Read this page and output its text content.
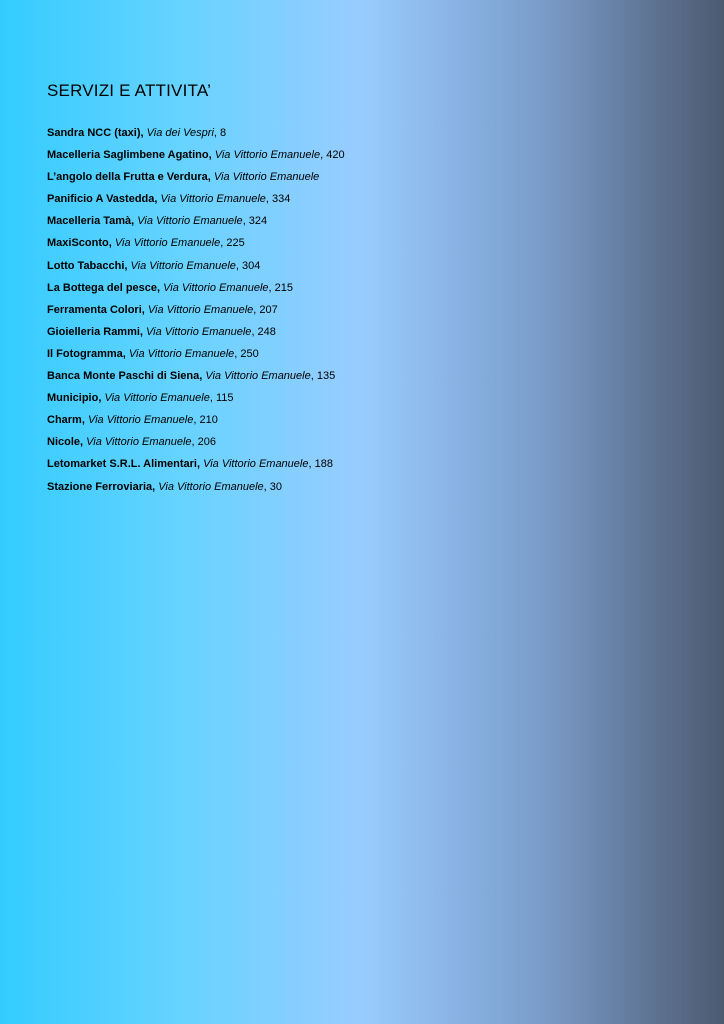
SERVIZI E ATTIVITA’
Sandra NCC (taxi), Via dei Vespri, 8
Macelleria Saglimbene Agatino, Via Vittorio Emanuele, 420
L’angolo della Frutta e Verdura, Via Vittorio Emanuele
Panificio A Vastedda, Via Vittorio Emanuele, 334
Macelleria Tamà, Via Vittorio Emanuele, 324
MaxiSconto, Via Vittorio Emanuele, 225
Lotto Tabacchi, Via Vittorio Emanuele, 304
La Bottega del pesce, Via Vittorio Emanuele, 215
Ferramenta Colori, Via Vittorio Emanuele, 207
Gioielleria Rammi, Via Vittorio Emanuele, 248
Il Fotogramma, Via Vittorio Emanuele, 250
Banca Monte Paschi di Siena, Via Vittorio Emanuele, 135
Municipio, Via Vittorio Emanuele, 115
Charm, Via Vittorio Emanuele, 210
Nicole, Via Vittorio Emanuele, 206
Letomarket S.R.L. Alimentari, Via Vittorio Emanuele, 188
Stazione Ferroviaria, Via Vittorio Emanuele, 30
